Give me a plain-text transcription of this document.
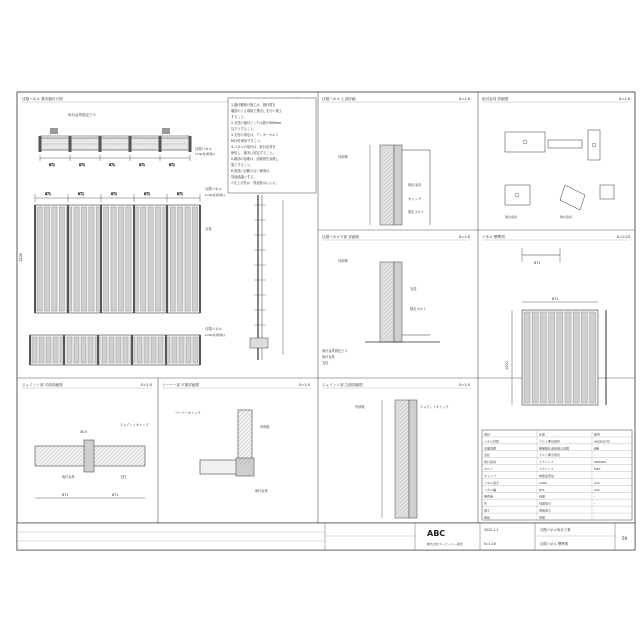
目隠パネル 基本割付け図	目隠パネル 上部詳細	S=1:5	取付金具 詳細図	S=1:5
目隠パネル下部 詳細図	S=1:5	パネル 標準図	S=1:20
ジョイント部 平面詳細図	S=1:5	コーナー部 平面詳細図	S=1:5	ジョイント部 立面詳細図	S=1:5
871	871	871	871	871
取付金具固定ビス
目隠パネル
L=SL系(特別-)
871	871	871	871	871
1200
目隠パネル
L=SL系(特別-)
支柱
目隠パネル
L=SL系(特別-)
1.割付範囲の施工は、割付図を
確認のうえ現地で墨出しを行い施工
すること。
2.支柱の割付ピッチは最大900mm
以下とすること。
3.支柱の固定は、アンカーボルト
M10を使用すること。
4.パネルの取付は、取付金具を
使用し、確実に固定すること。
5.端部の処理は、詳細図を参照し
施工すること。
6.図面に記載のない事項は、
別途協議とする。
7.仕上げ色は、別途指示による。
内部壁
取付金具
キャップ
固定ボルト
取付金具	取付金具
取付金具固定ビス
取付金具
支柱
内部壁
支柱
固定ボルト
871
871
1200
871	871
30.5
ジョイントキャップ
取付金具	支柱
コーナーキャップ
内部壁
取付金具
ジョイントキャップ
内部壁
項目	仕様	備考
パネル材質	アルミ押出形材	A6063S-T5
表面処理	陽極酸化塗装複合皮膜	B種
支柱	アルミ押出形材	-
取付金具	ステンレス	SUS304
ボルト	ステンレス	M10
キャップ	樹脂成形品	-
パネル高さ	1200	mm
パネル幅	871	mm
風荷重	別途	-
色	別途指示	-
施工	現地施工	-
保証	別途	-
ABC
株式会社エービーシー商会
2015.1.1
S=1:20
目隠パネル取付工事
目隠パネル 標準図
59
